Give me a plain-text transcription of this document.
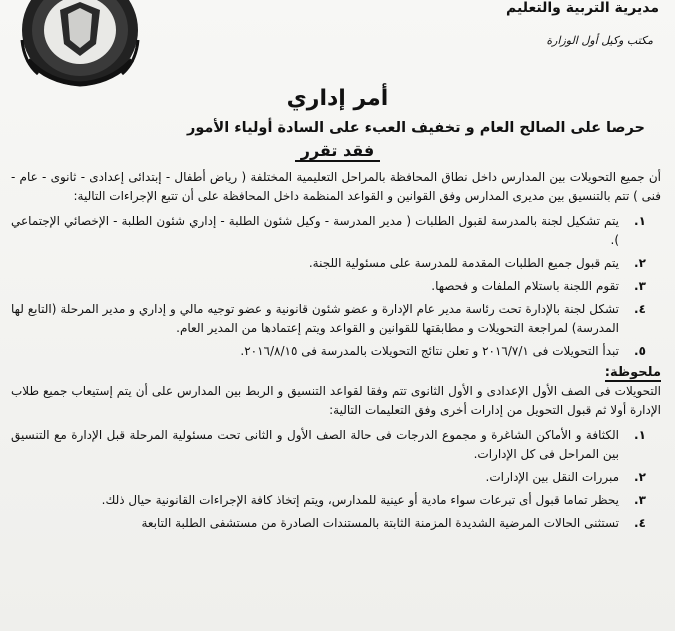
مديرية التربية والتعليم
مكتب وكيل أول الوزارة
أمر إداري
حرصا على الصالح العام و تخفيف العبء على السادة أولياء الأمور
فقد تقرر

أن جميع التحويلات بين المدارس داخل نطاق المحافظة بالمراحل التعليمية المختلفة ( رياض أطفال - إبتدائى إعدادى - ثانوى - عام - فنى ) تتم بالتنسيق بين مديرى المدارس وفق القوانين و القواعد المنظمة داخل المحافظة على أن تتبع الإجراءات التالية:

١.
يتم تشكيل لجنة بالمدرسة لقبول الطلبات ( مدير المدرسة - وكيل شئون الطلبة - إداري شئون الطلبة - الإخصائي الإجتماعي ).
٢.
يتم قبول جميع الطلبات المقدمة للمدرسة على مسئولية اللجنة.
٣.
تقوم اللجنة باستلام الملفات و فحصها.
٤.
تشكل لجنة بالإدارة تحت رئاسة مدير عام الإدارة و عضو شئون قانونية و عضو توجيه مالي و إداري و مدير المرحلة (التابع لها المدرسة) لمراجعة التحويلات و مطابقتها للقوانين و القواعد ويتم إعتمادها من المدير العام.
٥.
تبدأ التحويلات فى ٢٠١٦/٧/١ و تعلن نتائج التحويلات بالمدرسة فى ٢٠١٦/٨/١٥.
ملحوظة:

التحويلات فى الصف الأول الإعدادى و الأول الثانوى تتم وفقا لقواعد التنسيق و الربط بين المدارس على أن يتم إستيعاب جميع طلاب الإدارة أولا ثم قبول التحويل من إدارات أخرى وفق التعليمات التالية:

١.
الكثافة و الأماكن الشاغرة و مجموع الدرجات فى حالة الصف الأول و الثانى تحت مسئولية المرحلة قبل الإدارة مع التنسيق بين المراحل فى كل الإدارات.
٢.
مبررات النقل بين الإدارات.
٣.
يحظر تماما قبول أى تبرعات سواء مادية أو عينية للمدارس، ويتم إتخاذ كافة الإجراءات القانونية حيال ذلك.
٤.
تستثنى الحالات المرضية الشديدة المزمنة الثابتة بالمستندات الصادرة من مستشفى الطلبة التابعة
